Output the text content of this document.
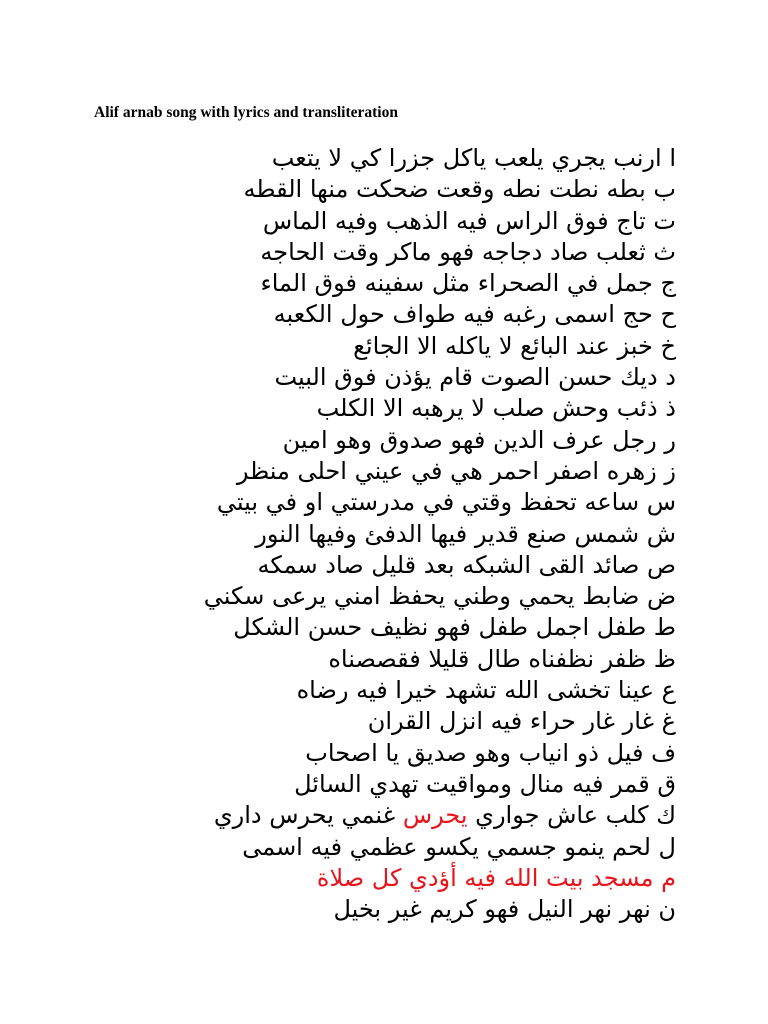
Alif arnab song with lyrics and transliteration

ا ارنب يجري يلعب ياكل جزرا كي لا يتعب
ب بطه نطت نطه وقعت ضحكت منها القطه
ت تاج فوق الراس فيه الذهب وفيه الماس
ث ثعلب صاد دجاجه فهو ماكر وقت الحاجه
ج جمل في الصحراء مثل سفينه فوق الماء
ح حج اسمى رغبه فيه طواف حول الكعبه
خ خبز عند البائع لا ياكله الا الجائع
د ديك حسن الصوت قام يؤذن فوق البيت
ذ ذئب وحش صلب لا يرهبه الا الكلب
ر رجل عرف الدين فهو صدوق وهو امين
ز زهره اصفر احمر هي في عيني احلى منظر
س ساعه تحفظ وقتي في مدرستي او في بيتي
ش شمس صنع قدير فيها الدفئ وفيها النور
ص صائد القى الشبكه بعد قليل صاد سمكه
ض ضابط يحمي وطني يحفظ امني يرعى سكني
ط طفل اجمل طفل فهو نظيف حسن الشكل
ظ ظفر نظفناه طال قليلا فقصصناه
ع عينا تخشى الله تشهد خيرا فيه رضاه
غ غار غار حراء فيه انزل القران
ف فيل ذو انياب وهو صديق يا اصحاب
ق قمر فيه منال ومواقيت تهدي السائل
ك كلب عاش جواري يحرس غنمي يحرس داري
ل لحم ينمو جسمي يكسو عظمي فيه اسمى
م مسجد بيت الله فيه أؤدي كل صلاة
ن نهر نهر النيل فهو كريم غير بخيل
